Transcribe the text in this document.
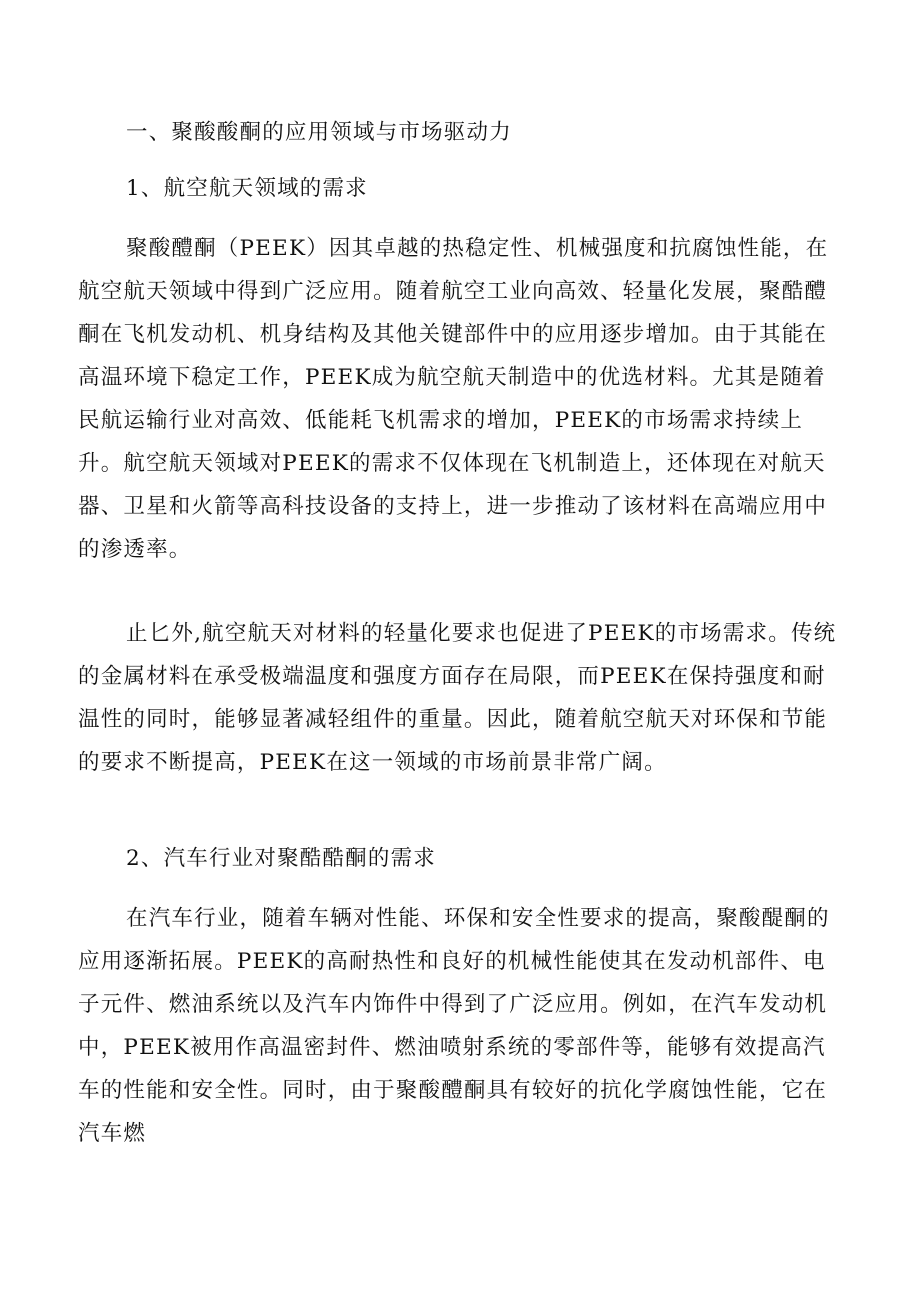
一、聚酸酸酮的应用领域与市场驱动力
1、航空航天领域的需求
聚酸醴酮（PEEK）因其卓越的热稳定性、机械强度和抗腐蚀性能，在航空航天领域中得到广泛应用。随着航空工业向高效、轻量化发展，聚酷醴酮在飞机发动机、机身结构及其他关键部件中的应用逐步增加。由于其能在高温环境下稳定工作，PEEK成为航空航天制造中的优选材料。尤其是随着民航运输行业对高效、低能耗飞机需求的增加，PEEK的市场需求持续上升。航空航天领域对PEEK的需求不仅体现在飞机制造上，还体现在对航天器、卫星和火箭等高科技设备的支持上，进一步推动了该材料在高端应用中的渗透率。
止匕外,航空航天对材料的轻量化要求也促进了PEEK的市场需求。传统的金属材料在承受极端温度和强度方面存在局限，而PEEK在保持强度和耐温性的同时，能够显著减轻组件的重量。因此，随着航空航天对环保和节能的要求不断提高，PEEK在这一领域的市场前景非常广阔。
2、汽车行业对聚酷酷酮的需求
在汽车行业，随着车辆对性能、环保和安全性要求的提高，聚酸醍酮的应用逐渐拓展。PEEK的高耐热性和良好的机械性能使其在发动机部件、电子元件、燃油系统以及汽车内饰件中得到了广泛应用。例如，在汽车发动机中，PEEK被用作高温密封件、燃油喷射系统的零部件等，能够有效提高汽车的性能和安全性。同时，由于聚酸醴酮具有较好的抗化学腐蚀性能，它在汽车燃
